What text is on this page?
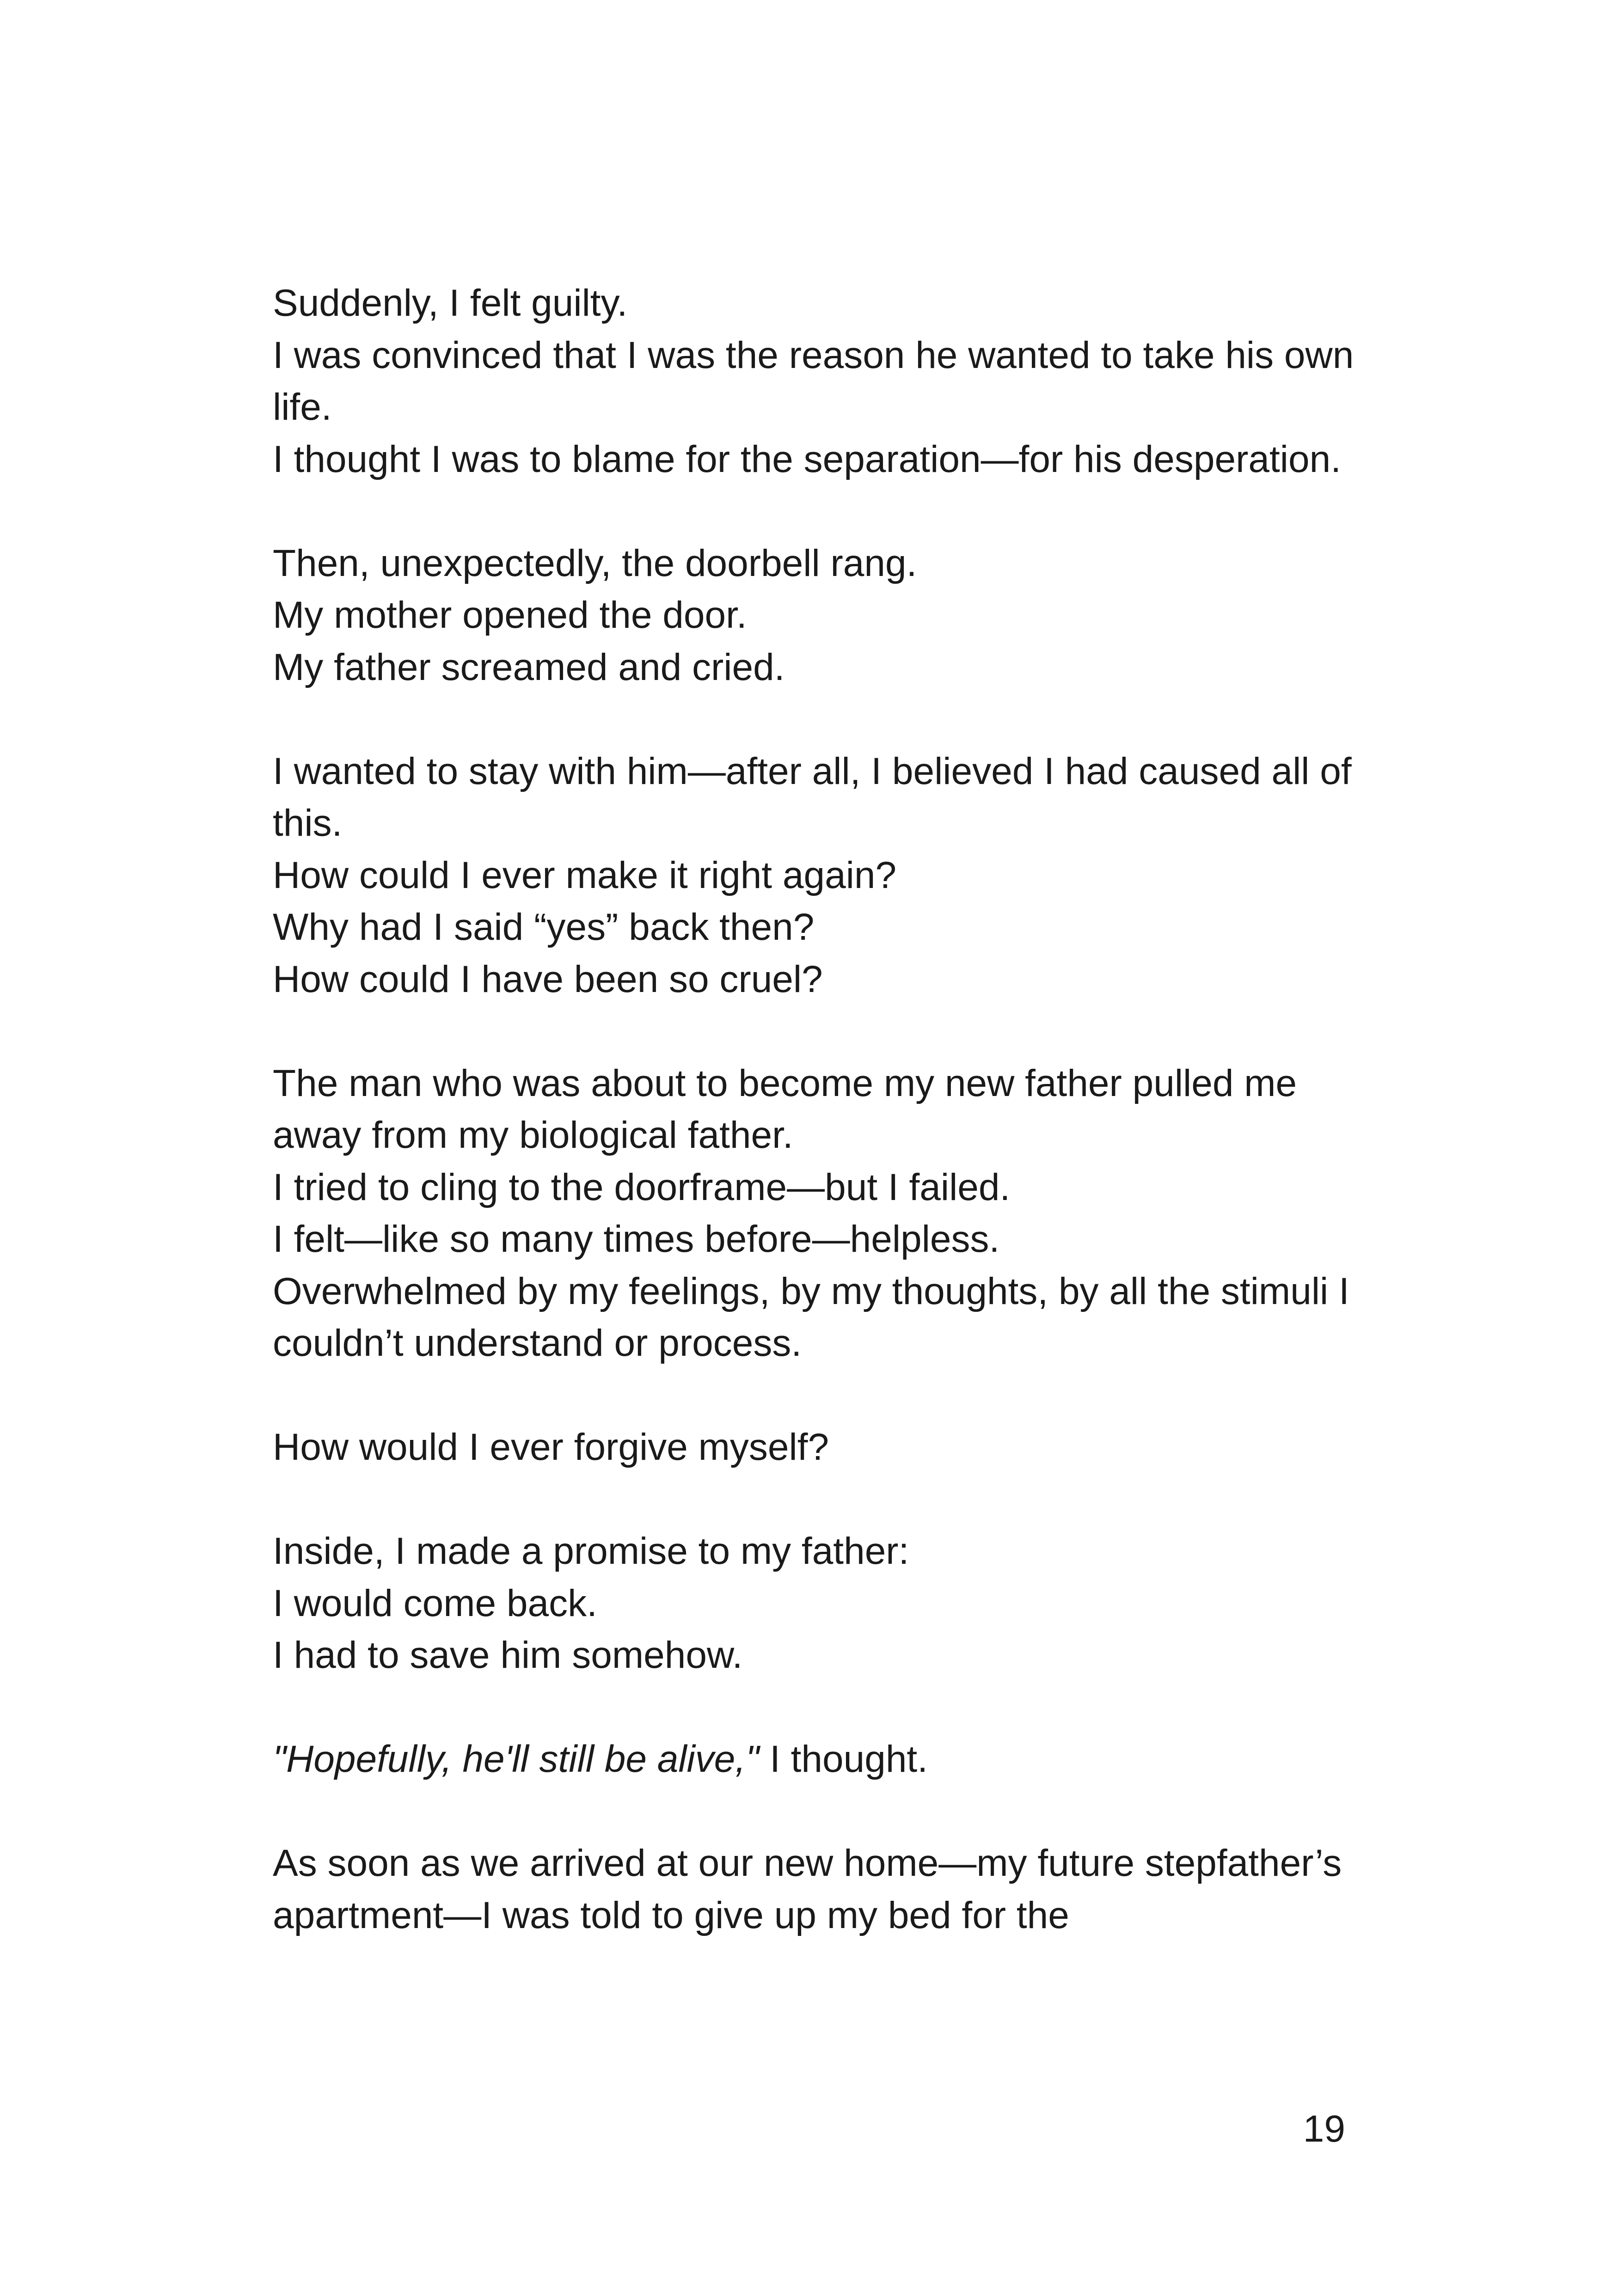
Suddenly, I felt guilty.

I was convinced that I was the reason he wanted to take his own life.

I thought I was to blame for the separation—for his desperation.

Then, unexpectedly, the doorbell rang.

My mother opened the door.

My father screamed and cried.

I wanted to stay with him—after all, I believed I had caused all of this.

How could I ever make it right again?

Why had I said “yes” back then?

How could I have been so cruel?

The man who was about to become my new father pulled me away from my biological father.

I tried to cling to the doorframe—but I failed.

I felt—like so many times before—helpless.

Overwhelmed by my feelings, by my thoughts, by all the stimuli I couldn’t understand or process.

How would I ever forgive myself?

Inside, I made a promise to my father:

I would come back.

I had to save him somehow.

"Hopefully, he'll still be alive," I thought.

As soon as we arrived at our new home—my future stepfather’s apartment—I was told to give up my bed for the

19
